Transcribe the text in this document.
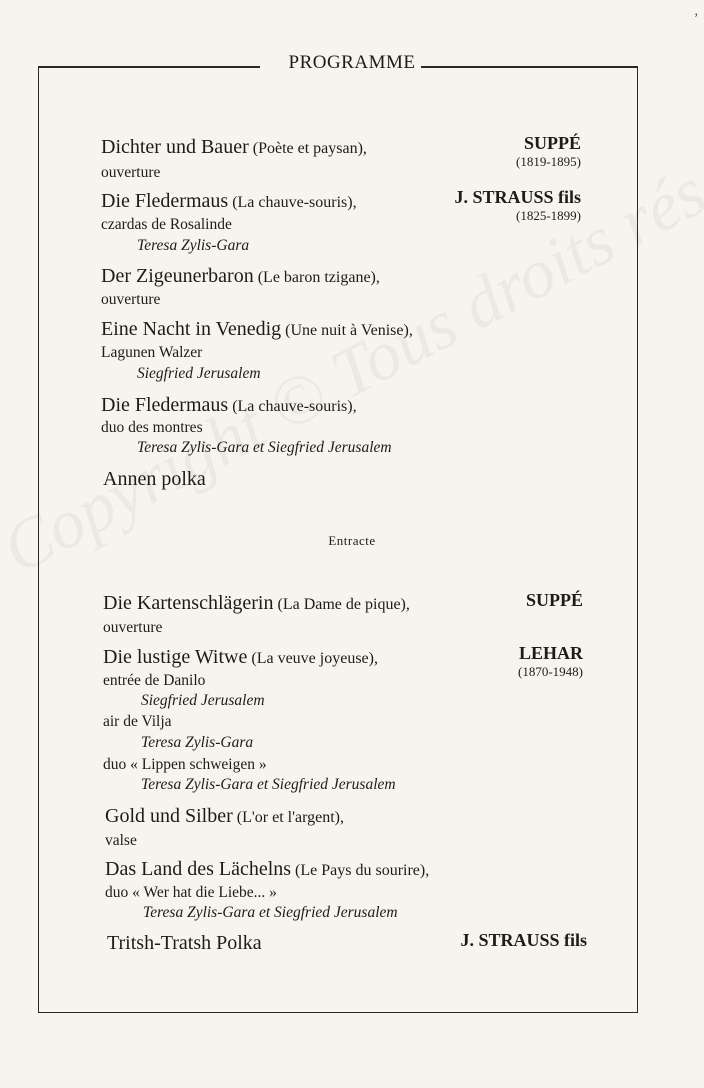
,
PROGRAMME
Dichter und Bauer (Poète et paysan),
ouverture
SUPPÉ
(1819-1895)
Die Fledermaus (La chauve-souris),
czardas de Rosalinde
Teresa Zylis-Gara
J. STRAUSS fils
(1825-1899)
Der Zigeunerbaron (Le baron tzigane),
ouverture
Eine Nacht in Venedig (Une nuit à Venise),
Lagunen Walzer
Siegfried Jerusalem
Die Fledermaus (La chauve-souris),
duo des montres
Teresa Zylis-Gara et Siegfried Jerusalem
Annen polka
Entracte
Die Kartenschlägerin (La Dame de pique),
ouverture
SUPPÉ
Die lustige Witwe (La veuve joyeuse),
entrée de Danilo
Siegfried Jerusalem
air de Vilja
Teresa Zylis-Gara
duo « Lippen schweigen »
Teresa Zylis-Gara et Siegfried Jerusalem
LEHAR
(1870-1948)
Gold und Silber (L'or et l'argent),
valse
Das Land des Lächelns (Le Pays du sourire),
duo « Wer hat die Liebe... »
Teresa Zylis-Gara et Siegfried Jerusalem
Tritsh-Tratsh Polka	J. STRAUSS fils
